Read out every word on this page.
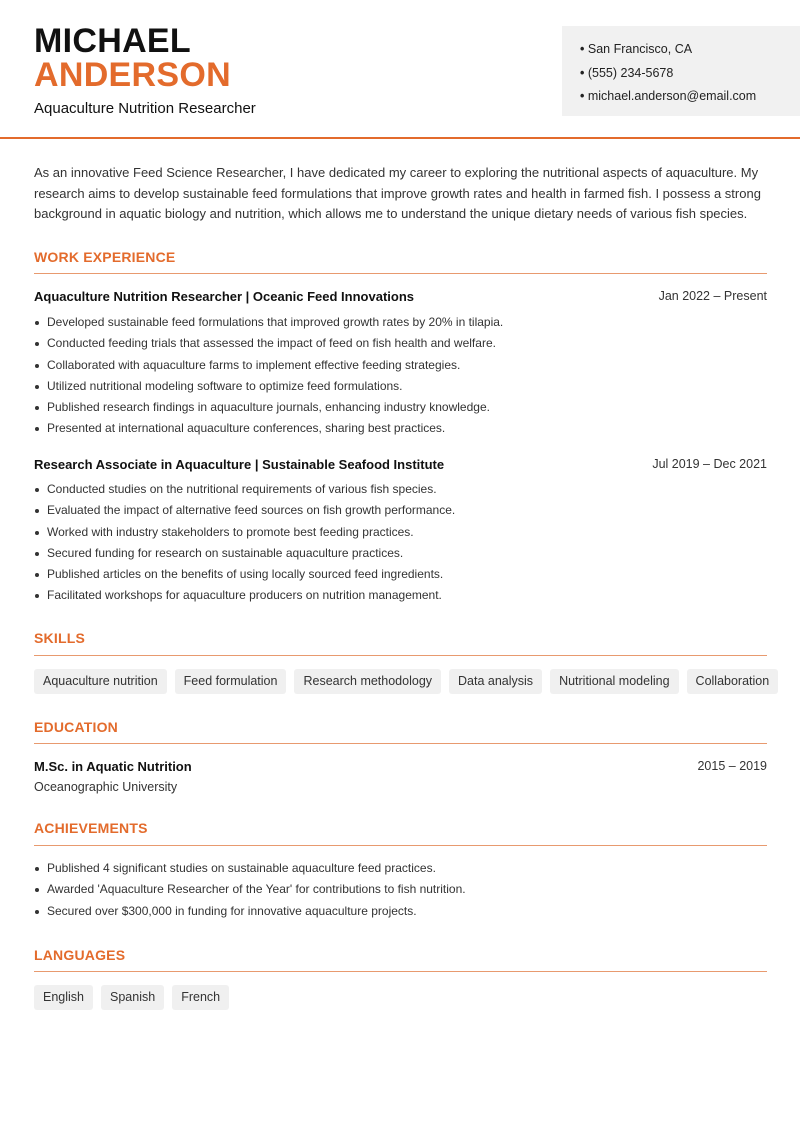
MICHAEL
ANDERSON
Aquaculture Nutrition Researcher
• San Francisco, CA
• (555) 234-5678
• michael.anderson@email.com
As an innovative Feed Science Researcher, I have dedicated my career to exploring the nutritional aspects of aquaculture. My research aims to develop sustainable feed formulations that improve growth rates and health in farmed fish. I possess a strong background in aquatic biology and nutrition, which allows me to understand the unique dietary needs of various fish species.
WORK EXPERIENCE
Aquaculture Nutrition Researcher | Oceanic Feed Innovations	Jan 2022 – Present
Developed sustainable feed formulations that improved growth rates by 20% in tilapia.
Conducted feeding trials that assessed the impact of feed on fish health and welfare.
Collaborated with aquaculture farms to implement effective feeding strategies.
Utilized nutritional modeling software to optimize feed formulations.
Published research findings in aquaculture journals, enhancing industry knowledge.
Presented at international aquaculture conferences, sharing best practices.
Research Associate in Aquaculture | Sustainable Seafood Institute	Jul 2019 – Dec 2021
Conducted studies on the nutritional requirements of various fish species.
Evaluated the impact of alternative feed sources on fish growth performance.
Worked with industry stakeholders to promote best feeding practices.
Secured funding for research on sustainable aquaculture practices.
Published articles on the benefits of using locally sourced feed ingredients.
Facilitated workshops for aquaculture producers on nutrition management.
SKILLS
Aquaculture nutrition	Feed formulation	Research methodology	Data analysis	Nutritional modeling	Collaboration
EDUCATION
M.Sc. in Aquatic Nutrition	2015 – 2019
Oceanographic University
ACHIEVEMENTS
Published 4 significant studies on sustainable aquaculture feed practices.
Awarded 'Aquaculture Researcher of the Year' for contributions to fish nutrition.
Secured over $300,000 in funding for innovative aquaculture projects.
LANGUAGES
English	Spanish	French
